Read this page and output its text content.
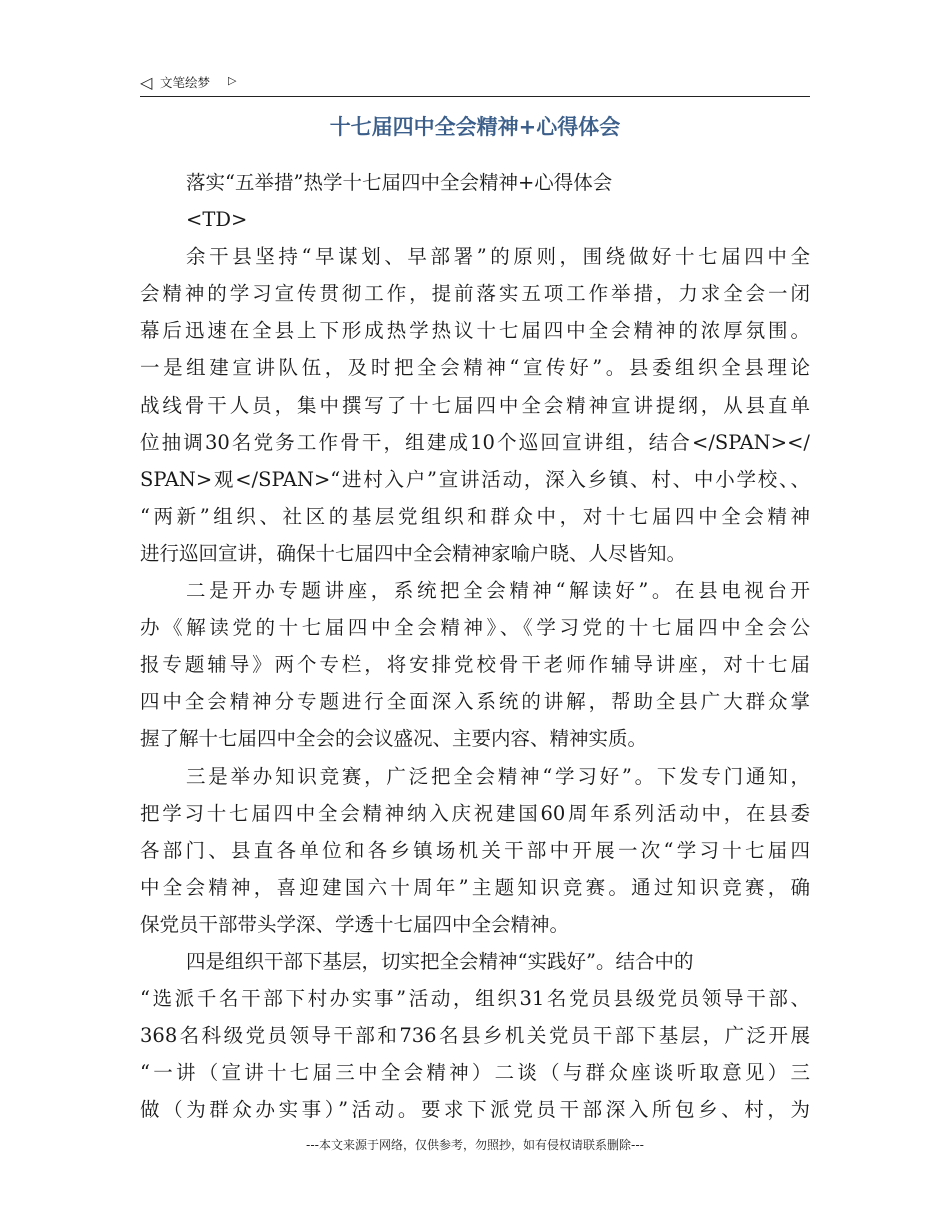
◁ 文笔绘梦 ▷
十七届四中全会精神+心得体会
落实“五举措”热学十七届四中全会精神+心得体会
<TD>
余干县坚持“早谋划、早部署”的原则，围绕做好十七届四中全
会精神的学习宣传贯彻工作，提前落实五项工作举措，力求全会一闭
幕后迅速在全县上下形成热学热议十七届四中全会精神的浓厚氛围。
一是组建宣讲队伍，及时把全会精神“宣传好”。县委组织全县理论
战线骨干人员，集中撰写了十七届四中全会精神宣讲提纲，从县直单
位抽调30名党务工作骨干，组建成10个巡回宣讲组，结合</SPAN></
SPAN>观</SPAN>“进村入户”宣讲活动，深入乡镇、村、中小学校、、
“两新”组织、社区的基层党组织和群众中，对十七届四中全会精神
进行巡回宣讲，确保十七届四中全会精神家喻户晓、人尽皆知。
二是开办专题讲座，系统把全会精神“解读好”。在县电视台开
办《解读党的十七届四中全会精神》、《学习党的十七届四中全会公
报专题辅导》两个专栏，将安排党校骨干老师作辅导讲座，对十七届
四中全会精神分专题进行全面深入系统的讲解，帮助全县广大群众掌
握了解十七届四中全会的会议盛况、主要内容、精神实质。
三是举办知识竞赛，广泛把全会精神“学习好”。下发专门通知，
把学习十七届四中全会精神纳入庆祝建国60周年系列活动中，在县委
各部门、县直各单位和各乡镇场机关干部中开展一次“学习十七届四
中全会精神，喜迎建国六十周年”主题知识竞赛。通过知识竞赛，确
保党员干部带头学深、学透十七届四中全会精神。
四是组织干部下基层，切实把全会精神“实践好”。结合中的
“选派千名干部下村办实事”活动，组织31名党员县级党员领导干部、
368名科级党员领导干部和736名县乡机关党员干部下基层，广泛开展
“一讲（宣讲十七届三中全会精神）二谈（与群众座谈听取意见）三
做（为群众办实事）”活动。要求下派党员干部深入所包乡、村，为
---本文来源于网络，仅供参考，勿照抄，如有侵权请联系删除---
